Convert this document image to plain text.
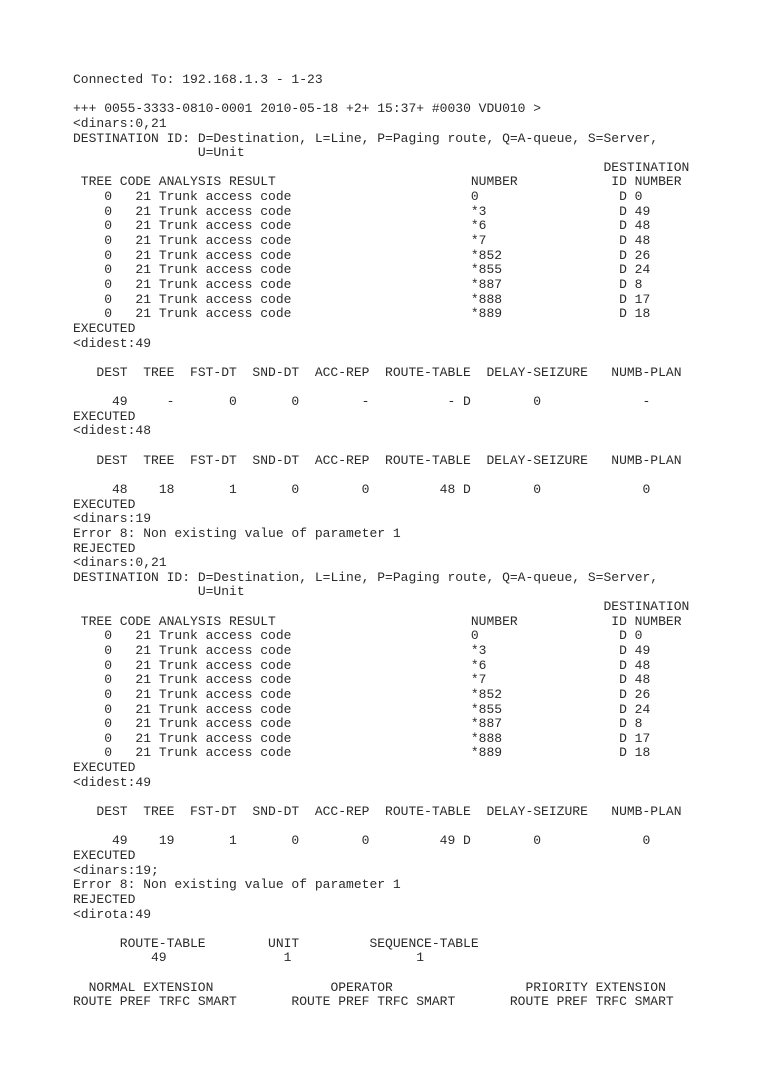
Connected To: 192.168.1.3 - 1-23
+++ 0055-3333-0810-0001 2010-05-18 +2+ 15:37+ #0030 VDU010 >
<dinars:0,21
DESTINATION ID: D=Destination, L=Line, P=Paging route, Q=A-queue, S=Server,
U=Unit
DESTINATION
TREE CODE ANALYSIS RESULT	NUMBER	ID NUMBER
0 21 Trunk access code	0	D 0
0 21 Trunk access code	*3	D 49
0 21 Trunk access code	*6	D 48
0 21 Trunk access code	*7	D 48
0 21 Trunk access code	*852	D 26
0 21 Trunk access code	*855	D 24
0 21 Trunk access code	*887	D 8
0 21 Trunk access code	*888	D 17
0 21 Trunk access code	*889	D 18
EXECUTED
<didest:49
DEST TREE FST-DT SND-DT ACC-REP ROUTE-TABLE DELAY-SEIZURE NUMB-PLAN
49	-	0	0	-	- D	0	-
EXECUTED
<didest:48
DEST TREE FST-DT SND-DT ACC-REP ROUTE-TABLE DELAY-SEIZURE NUMB-PLAN
48 18	1	0	0	48 D	0	0
EXECUTED
<dinars:19
Error 8: Non existing value of parameter 1
REJECTED
<dinars:0,21
DESTINATION ID: D=Destination, L=Line, P=Paging route, Q=A-queue, S=Server,
U=Unit
DESTINATION
TREE CODE ANALYSIS RESULT	NUMBER	ID NUMBER
0 21 Trunk access code	0	D 0
0 21 Trunk access code	*3	D 49
0 21 Trunk access code	*6	D 48
0 21 Trunk access code	*7	D 48
0 21 Trunk access code	*852	D 26
0 21 Trunk access code	*855	D 24
0 21 Trunk access code	*887	D 8
0 21 Trunk access code	*888	D 17
0 21 Trunk access code	*889	D 18
EXECUTED
<didest:49
DEST TREE FST-DT SND-DT ACC-REP ROUTE-TABLE DELAY-SEIZURE NUMB-PLAN
49 19	1	0	0	49 D	0	0
EXECUTED
<dinars:19;
Error 8: Non existing value of parameter 1
REJECTED
<dirota:49
ROUTE-TABLE	UNIT	SEQUENCE-TABLE
49	1	1
NORMAL EXTENSION	OPERATOR	PRIORITY EXTENSION
ROUTE PREF TRFC SMART	ROUTE PREF TRFC SMART	ROUTE PREF TRFC SMART
